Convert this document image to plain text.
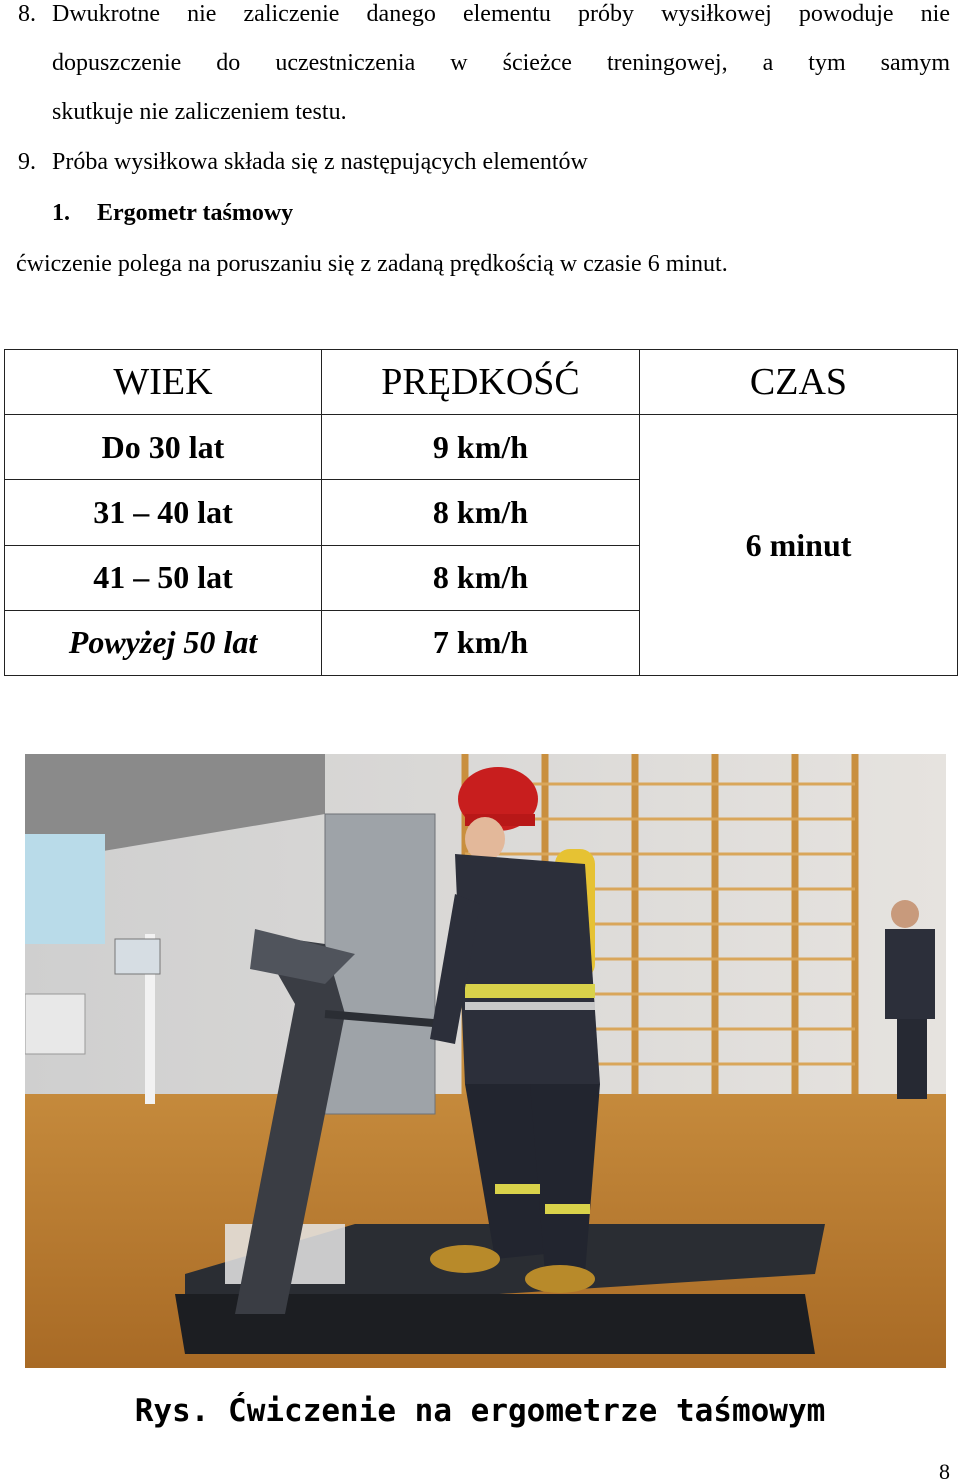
8. Dwukrotne nie zaliczenie danego elementu próby wysiłkowej powoduje nie
dopuszczenie do uczestniczenia w ścieżce treningowej, a tym samym
skutkuje nie zaliczeniem testu.
9. Próba wysiłkowa składa się z następujących elementów
1. Ergometr taśmowy
ćwiczenie polega na poruszaniu się z zadaną prędkością w czasie 6 minut.
WIEK	PRĘDKOŚĆ	CZAS
Do 30 lat	9 km/h	6 minut
31 – 40 lat	8 km/h	
41 – 50 lat	8 km/h	
Powyżej 50 lat	7 km/h	
Rys. Ćwiczenie na ergometrze taśmowym
8
